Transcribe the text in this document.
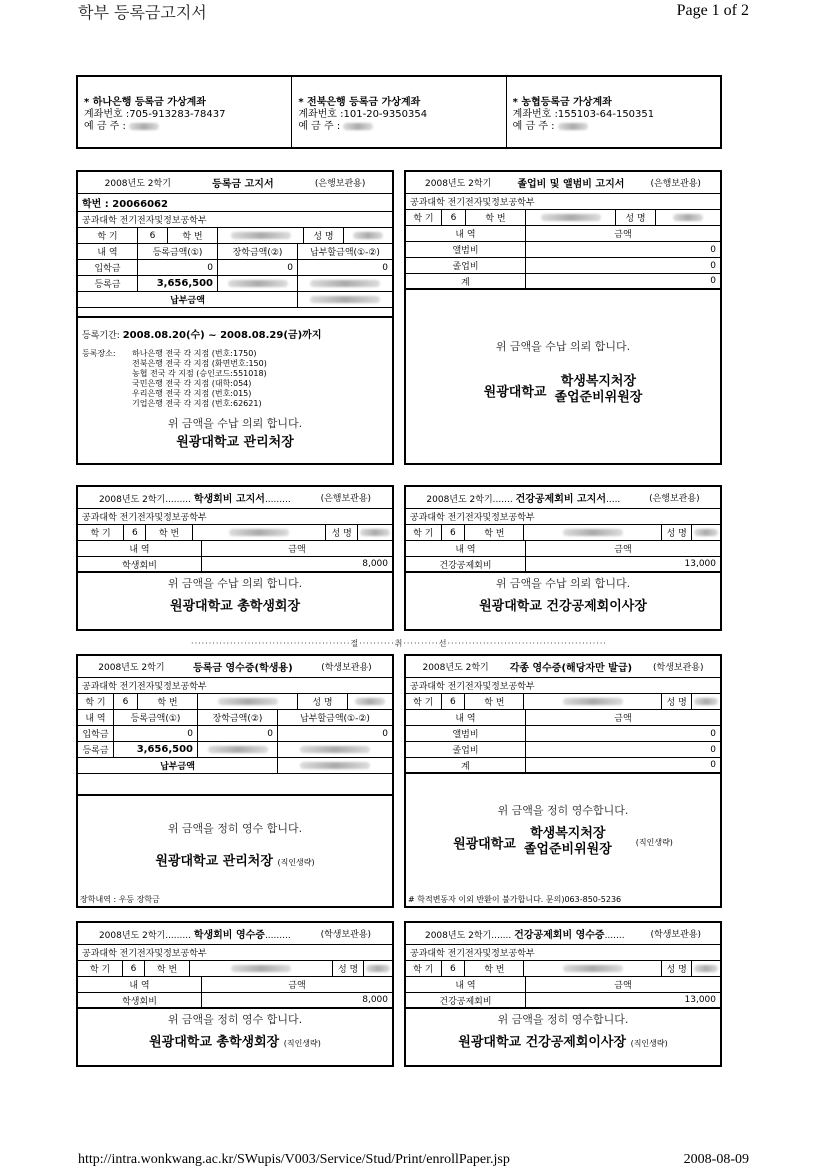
학부 등록금고지서	Page 1 of 2
* 하나은행 등록금 가상계좌
계좌번호 :705-913283-78437
예 금 주 :
* 전북은행 등록금 가상계좌
계좌번호 :101-20-9350354
예 금 주 :
* 농협등록금 가상계좌
계좌번호 :155103-64-150351
예 금 주 :
2008년도 2학기	등록금 고지서	(은행보관용)
학번 : 20066062
공과대학 전기전자및정보공학부
학 기	6	학 번	성 명
내 역	등록금액(①)	장학금액(②)	납부할금액(①-②)
입학금	0	0	0
등록금	3,656,500
납부금액
등록기간: 2008.08.20(수) ~ 2008.08.29(금)까지
등록장소:	하나은행 전국 각 지점 (번호:1750)
전북은행 전국 각 지점 (화면번호:150)
농협 전국 각 지점 (승인코드:551018)
국민은행 전국 각 지점 (대학:054)
우리은행 전국 각 지점 (번호:015)
기업은행 전국 각 지점 (번호:62621)
위 금액을 수납 의뢰 합니다.
원광대학교 관리처장
2008년도 2학기	졸업비 및 앨범비 고지서	(은행보관용)
공과대학 전기전자및정보공학부
학 기	6	학 번	성 명
내 역	금액
앨범비	0
졸업비	0
계	0
위 금액을 수납 의뢰 합니다.
원광대학교
학생복지처장
졸업준비위원장
2008년도 2학기......... 학생회비 고지서.........	(은행보관용)
공과대학 전기전자및정보공학부
학 기	6	학 번	성 명
내 역	금액
학생회비	8,000
위 금액을 수납 의뢰 합니다.
원광대학교 총학생회장
2008년도 2학기....... 건강공제회비 고지서.....	(은행보관용)
공과대학 전기전자및정보공학부
학 기	6	학 번	성 명
내 역	금액
건강공제회비	13,000
위 금액을 수납 의뢰 합니다.
원광대학교 건강공제회이사장
·············································절··········취··········선·············································
2008년도 2학기	등록금 영수증(학생용)	(학생보관용)
공과대학 전기전자및정보공학부
학 기	6	학 번	성 명
내 역	등록금액(①)	장학금액(②)	납부할금액(①-②)
입학금	0	0	0
등록금	3,656,500
납부금액
위 금액을 정히 영수 합니다.
원광대학교 관리처장 (직인생략)
장학내역 : 우등 장학금
2008년도 2학기 각종 영수증(해당자만 발급) (학생보관용)
공과대학 전기전자및정보공학부
학 기	6	학 번	성 명
내 역	금액
앨범비	0
졸업비	0
계	0
위 금액을 정히 영수합니다.
원광대학교
학생복지처장
졸업준비위원장	(직인생략)
# 학적변동자 이외 반환이 불가합니다. 문의)063-850-5236
2008년도 2학기......... 학생회비 영수증.........	(학생보관용)
공과대학 전기전자및정보공학부
학 기	6	학 번	성 명
내 역	금액
학생회비	8,000
위 금액을 정히 영수 합니다.
원광대학교 총학생회장 (직인생략)
2008년도 2학기....... 건강공제회비 영수증.......	(학생보관용)
공과대학 전기전자및정보공학부
학 기	6	학 번	성 명
내 역	금액
건강공제회비	13,000
위 금액을 정히 영수합니다.
원광대학교 건강공제회이사장 (직인생략)
http://intra.wonkwang.ac.kr/SWupis/V003/Service/Stud/Print/enrollPaper.jsp	2008-08-09
